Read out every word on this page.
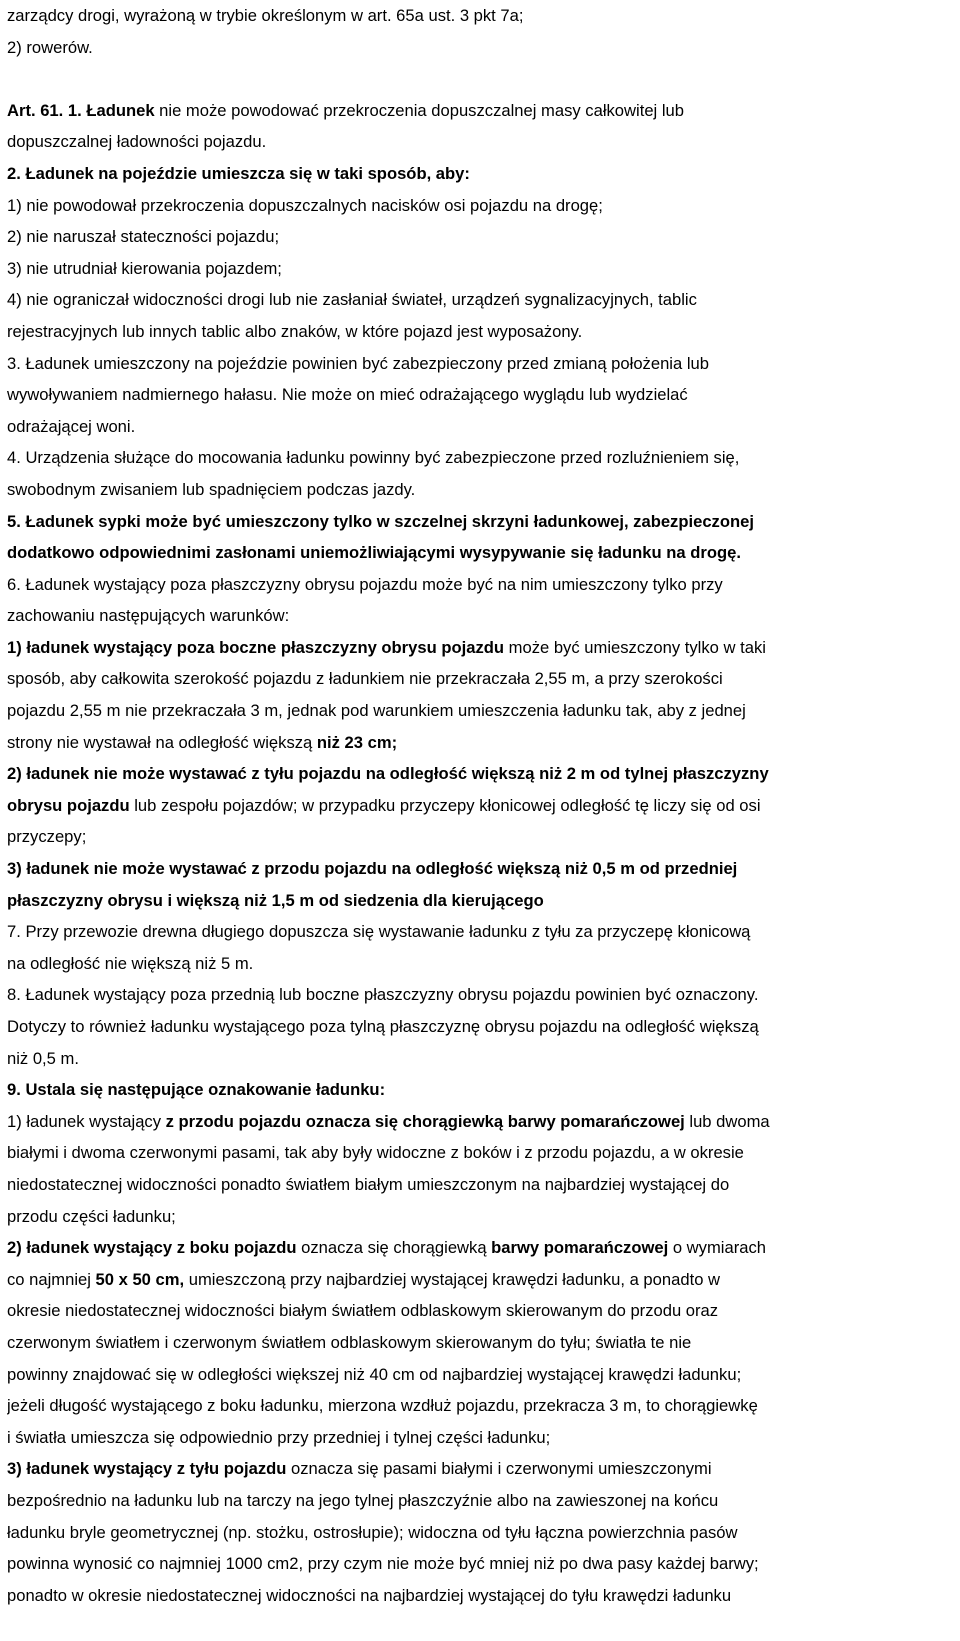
zarządcy drogi, wyrażoną w trybie określonym w art. 65a ust. 3 pkt 7a;
2) rowerów.
Art. 61. 1. Ładunek nie może powodować przekroczenia dopuszczalnej masy całkowitej lub
dopuszczalnej ładowności pojazdu.
2. Ładunek na pojeździe umieszcza się w taki sposób, aby:
1) nie powodował przekroczenia dopuszczalnych nacisków osi pojazdu na drogę;
2) nie naruszał stateczności pojazdu;
3) nie utrudniał kierowania pojazdem;
4) nie ograniczał widoczności drogi lub nie zasłaniał świateł, urządzeń sygnalizacyjnych, tablic
rejestracyjnych lub innych tablic albo znaków, w które pojazd jest wyposażony.
3. Ładunek umieszczony na pojeździe powinien być zabezpieczony przed zmianą położenia lub
wywoływaniem nadmiernego hałasu. Nie może on mieć odrażającego wyglądu lub wydzielać
odrażającej woni.
4. Urządzenia służące do mocowania ładunku powinny być zabezpieczone przed rozluźnieniem się,
swobodnym zwisaniem lub spadnięciem podczas jazdy.
5. Ładunek sypki może być umieszczony tylko w szczelnej skrzyni ładunkowej, zabezpieczonej
dodatkowo odpowiednimi zasłonami uniemożliwiającymi wysypywanie się ładunku na drogę.
6. Ładunek wystający poza płaszczyzny obrysu pojazdu może być na nim umieszczony tylko przy
zachowaniu następujących warunków:
1) ładunek wystający poza boczne płaszczyzny obrysu pojazdu może być umieszczony tylko w taki
sposób, aby całkowita szerokość pojazdu z ładunkiem nie przekraczała 2,55 m, a przy szerokości
pojazdu 2,55 m nie przekraczała 3 m, jednak pod warunkiem umieszczenia ładunku tak, aby z jednej
strony nie wystawał na odległość większą niż 23 cm;
2) ładunek nie może wystawać z tyłu pojazdu na odległość większą niż 2 m od tylnej płaszczyzny
obrysu pojazdu lub zespołu pojazdów; w przypadku przyczepy kłonicowej odległość tę liczy się od osi
przyczepy;
3) ładunek nie może wystawać z przodu pojazdu na odległość większą niż 0,5 m od przedniej
płaszczyzny obrysu i większą niż 1,5 m od siedzenia dla kierującego
7. Przy przewozie drewna długiego dopuszcza się wystawanie ładunku z tyłu za przyczepę kłonicową
na odległość nie większą niż 5 m.
8. Ładunek wystający poza przednią lub boczne płaszczyzny obrysu pojazdu powinien być oznaczony.
Dotyczy to również ładunku wystającego poza tylną płaszczyznę obrysu pojazdu na odległość większą
niż 0,5 m.
9. Ustala się następujące oznakowanie ładunku:
1) ładunek wystający z przodu pojazdu oznacza się chorągiewką barwy pomarańczowej lub dwoma
białymi i dwoma czerwonymi pasami, tak aby były widoczne z boków i z przodu pojazdu, a w okresie
niedostatecznej widoczności ponadto światłem białym umieszczonym na najbardziej wystającej do
przodu części ładunku;
2) ładunek wystający z boku pojazdu oznacza się chorągiewką barwy pomarańczowej o wymiarach
co najmniej 50 x 50 cm, umieszczoną przy najbardziej wystającej krawędzi ładunku, a ponadto w
okresie niedostatecznej widoczności białym światłem odblaskowym skierowanym do przodu oraz
czerwonym światłem i czerwonym światłem odblaskowym skierowanym do tyłu; światła te nie
powinny znajdować się w odległości większej niż 40 cm od najbardziej wystającej krawędzi ładunku;
jeżeli długość wystającego z boku ładunku, mierzona wzdłuż pojazdu, przekracza 3 m, to chorągiewkę
i światła umieszcza się odpowiednio przy przedniej i tylnej części ładunku;
3) ładunek wystający z tyłu pojazdu oznacza się pasami białymi i czerwonymi umieszczonymi
bezpośrednio na ładunku lub na tarczy na jego tylnej płaszczyźnie albo na zawieszonej na końcu
ładunku bryle geometrycznej (np. stożku, ostrosłupie); widoczna od tyłu łączna powierzchnia pasów
powinna wynosić co najmniej 1000 cm2, przy czym nie może być mniej niż po dwa pasy każdej barwy;
ponadto w okresie niedostatecznej widoczności na najbardziej wystającej do tyłu krawędzi ładunku
